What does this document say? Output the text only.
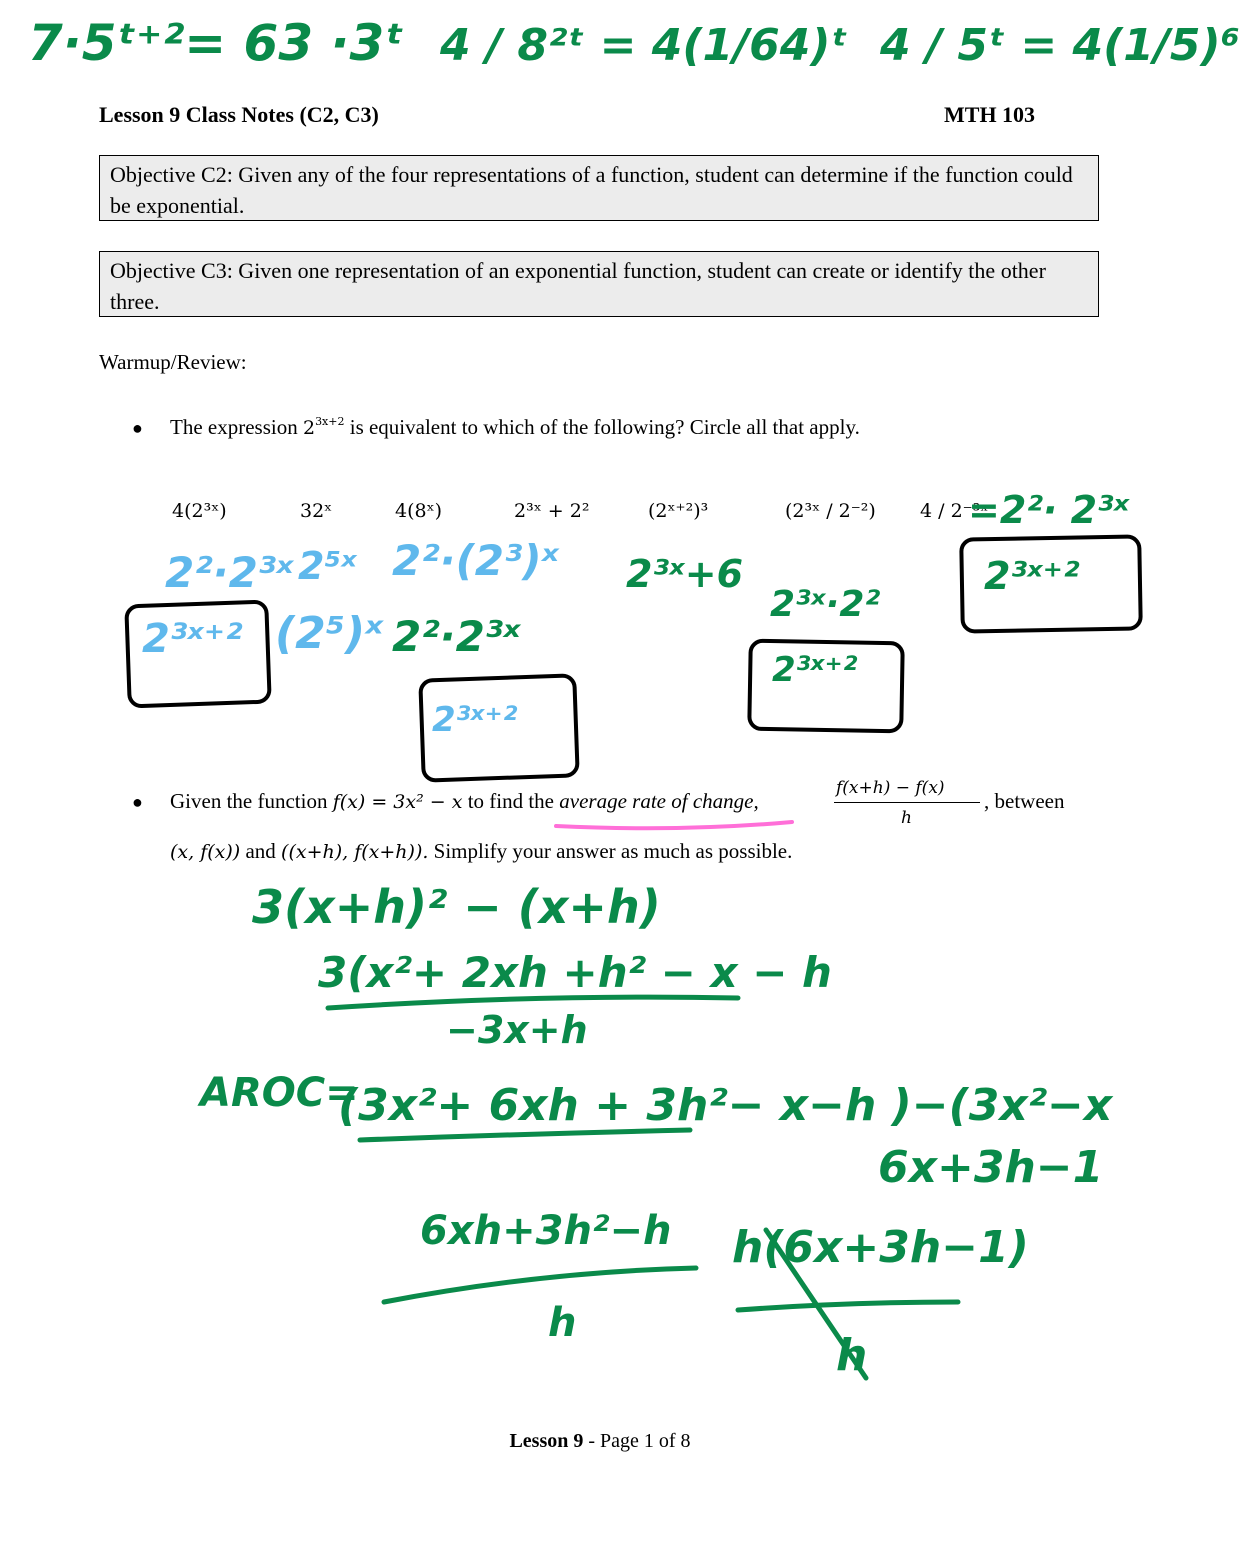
Lesson 9 Class Notes (C2, C3)	MTH 103
Objective C2: Given any of the four representations of a function, student can determine if the function could be exponential.
Objective C3: Given one representation of an exponential function, student can create or identify the other three.
Warmup/Review:
● The expression $2^{3x+2}$ is equivalent to which of the following? Circle all that apply.
4(2³ˣ)	32ˣ	4(8ˣ)	2³ˣ + 2²	(2ˣ⁺²)³	(2³ˣ / 2⁻²) 4 / 2⁻³ˣ
● Given the function f(x) = 3x² − x to find the average rate of change,
f(x+h) − f(x)
h
, between
(x, f(x)) and ((x+h), f(x+h)). Simplify your answer as much as possible.
7·5ᵗ⁺²= 63 ·3ᵗ 4 / 8²ᵗ = 4(1/64)ᵗ 4 / 5ᵗ = 4(1/5)⁶
2²·2³ˣ
2³ˣ⁺²
2⁵ˣ
(2⁵)ˣ
2²·(2³)ˣ
2³ˣ⁺²
2²·2³ˣ
2³ˣ+6
2³ˣ·2²
2³ˣ⁺²
=2²· 2³ˣ
2³ˣ⁺²
3(x+h)² − (x+h)
3(x²+ 2xh +h² − x − h
−3x+h
AROC=
(3x²+ 6xh + 3h²− x−h )−(3x²−x
6x+3h−1
6xh+3h²−h
h
h(6x+3h−1)
h
Lesson 9 - Page 1 of 8
